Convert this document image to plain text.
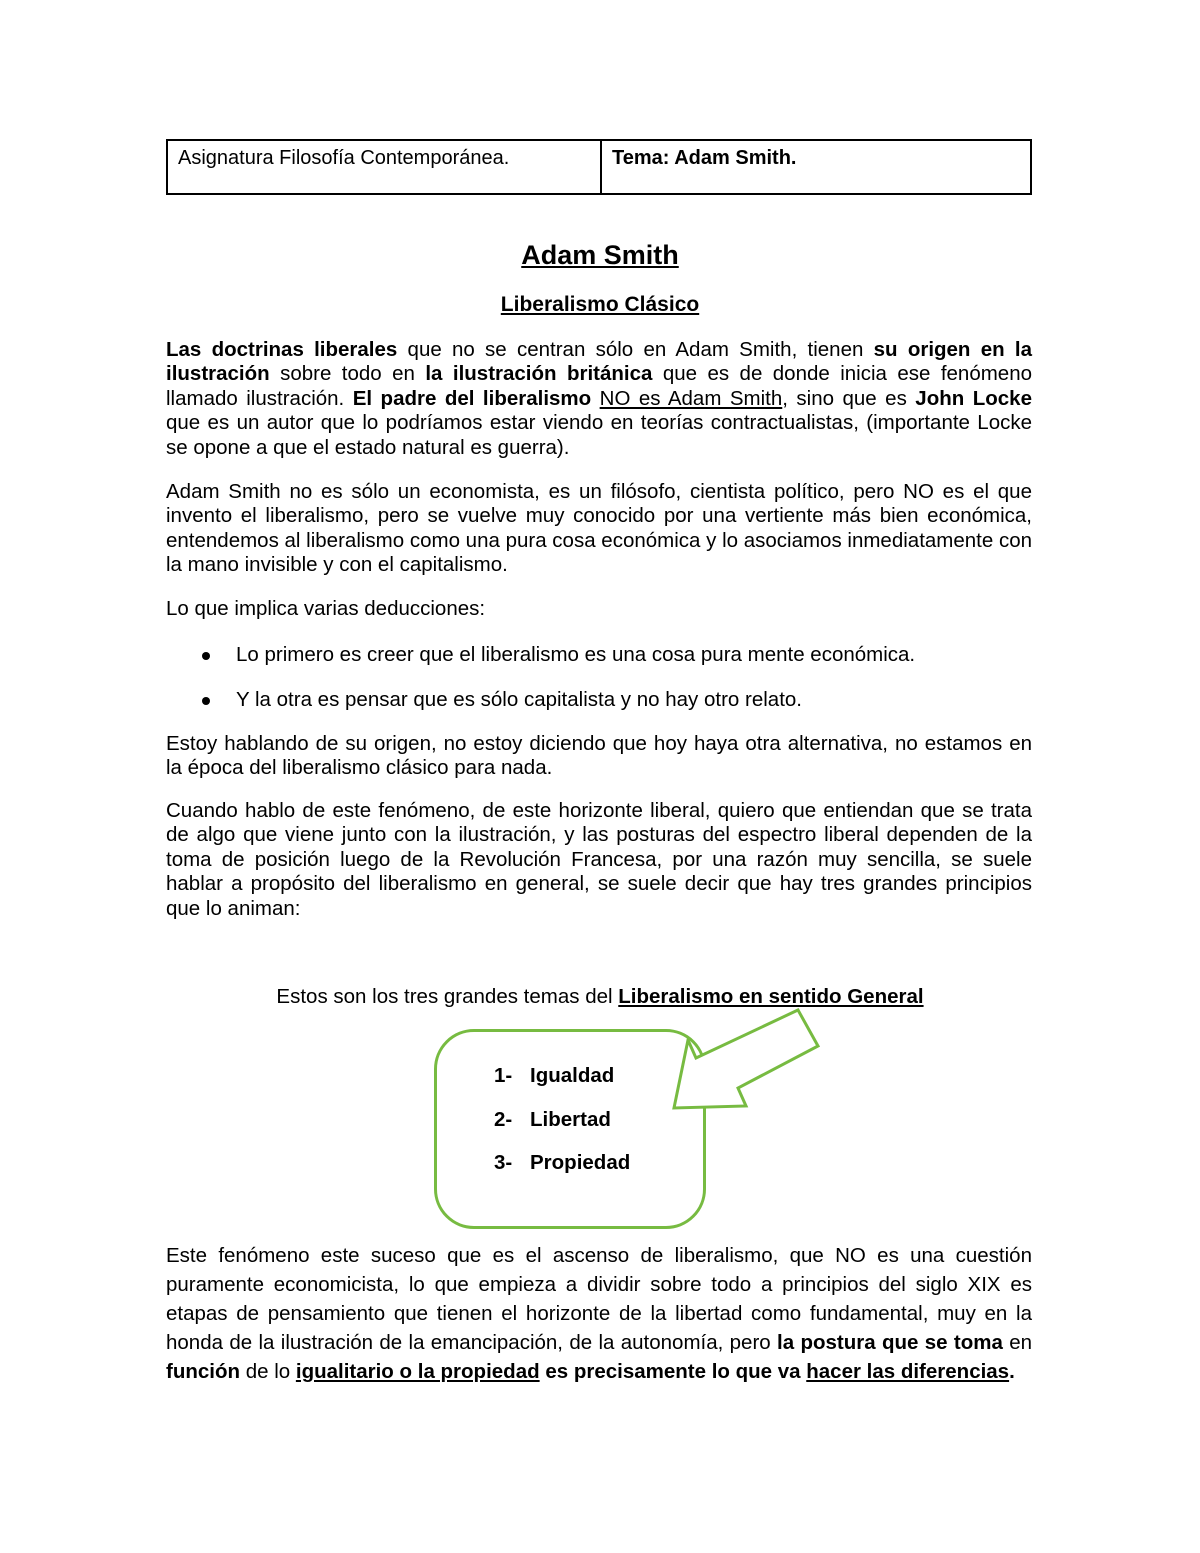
Asignatura Filosofía Contemporánea.	Tema: Adam Smith.
Adam Smith
Liberalismo Clásico

Las doctrinas liberales que no se centran sólo en Adam Smith, tienen su origen en la ilustración sobre todo en la ilustración británica que es de donde inicia ese fenómeno llamado ilustración. El padre del liberalismo NO es Adam Smith, sino que es John Locke que es un autor que lo podríamos estar viendo en teorías contractualistas, (importante Locke se opone a que el estado natural es guerra).

Adam Smith no es sólo un economista, es un filósofo, cientista político, pero NO es el que invento el liberalismo, pero se vuelve muy conocido por una vertiente más bien económica, entendemos al liberalismo como una pura cosa económica y lo asociamos inmediatamente con la mano invisible y con el capitalismo.

Lo que implica varias deducciones:

Lo primero es creer que el liberalismo es una cosa pura mente económica.
Y la otra es pensar que es sólo capitalista y no hay otro relato.

Estoy hablando de su origen, no estoy diciendo que hoy haya otra alternativa, no estamos en la época del liberalismo clásico para nada.

Cuando hablo de este fenómeno, de este horizonte liberal, quiero que entiendan que se trata de algo que viene junto con la ilustración, y las posturas del espectro liberal dependen de la toma de posición luego de la Revolución Francesa, por una razón muy sencilla, se suele hablar a propósito del liberalismo en general, se suele decir que hay tres grandes principios que lo animan:

Estos son los tres grandes temas del Liberalismo en sentido General
1- Igualdad
2- Libertad
3- Propiedad

Este fenómeno este suceso que es el ascenso de liberalismo, que NO es una cuestión puramente economicista, lo que empieza a dividir sobre todo a principios del siglo XIX es etapas de pensamiento que tienen el horizonte de la libertad como fundamental, muy en la honda de la ilustración de la emancipación, de la autonomía, pero la postura que se toma en función de lo igualitario o la propiedad es precisamente lo que va hacer las diferencias.
